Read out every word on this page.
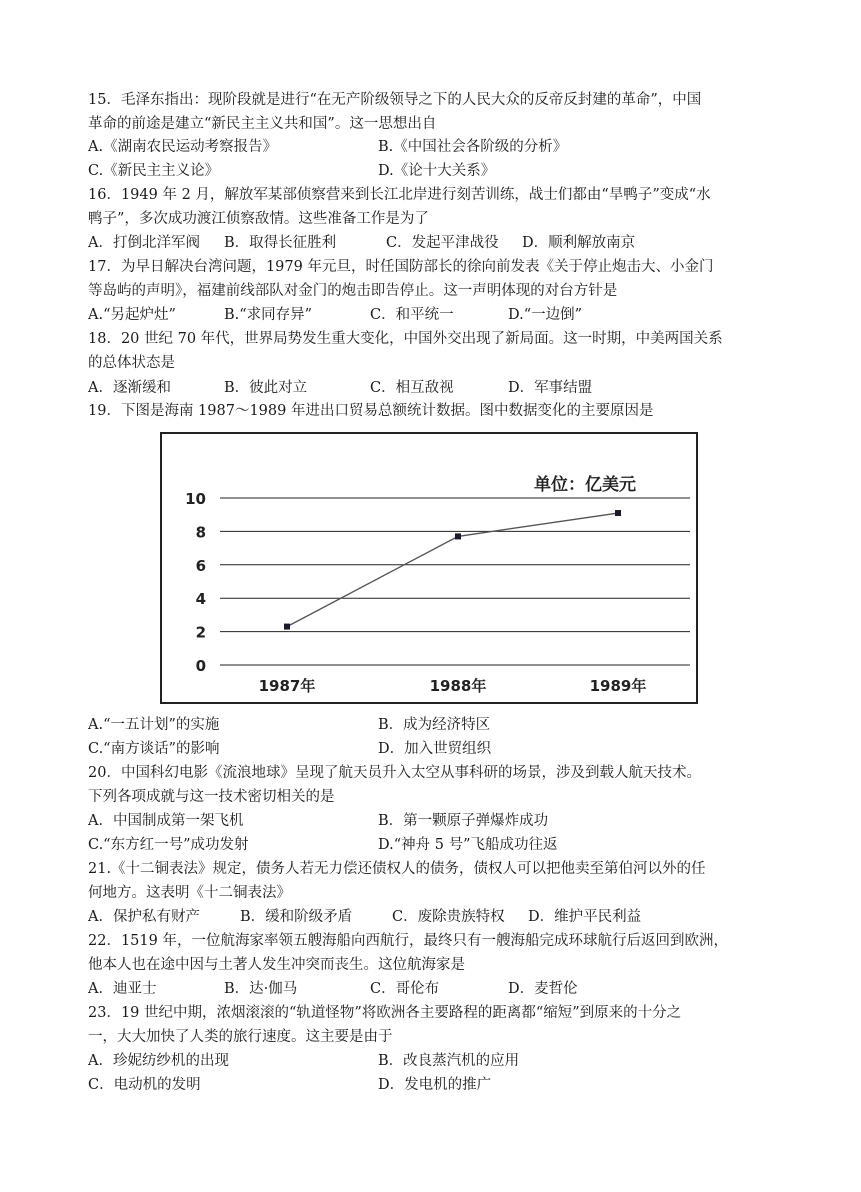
15．毛泽东指出：现阶段就是进行“在无产阶级领导之下的人民大众的反帝反封建的革命”，中国
革命的前途是建立“新民主主义共和国”。这一思想出自
A.《湖南农民运动考察报告》	B.《中国社会各阶级的分析》
C.《新民主主义论》	D.《论十大关系》
16．1949 年 2 月，解放军某部侦察营来到长江北岸进行刻苦训练，战士们都由“旱鸭子”变成“水
鸭子”，多次成功渡江侦察敌情。这些准备工作是为了
A．打倒北洋军阀 B．取得长征胜利	C．发起平津战役 D．顺利解放南京
17．为早日解决台湾问题，1979 年元旦，时任国防部长的徐向前发表《关于停止炮击大、小金门
等岛屿的声明》，福建前线部队对金门的炮击即告停止。这一声明体现的对台方针是
A.“另起炉灶”	B.“求同存异”	C．和平统一	D.“一边倒”
18．20 世纪 70 年代，世界局势发生重大变化，中国外交出现了新局面。这一时期，中美两国关系
的总体状态是
A．逐渐缓和	B．彼此对立	C．相互敌视	D．军事结盟
19．下图是海南 1987～1989 年进出口贸易总额统计数据。图中数据变化的主要原因是
单位：亿美元
0
2
4
6
8
10
1987年	1988年	1989年
A.“一五计划”的实施	B．成为经济特区
C.“南方谈话”的影响	D．加入世贸组织
20．中国科幻电影《流浪地球》呈现了航天员升入太空从事科研的场景，涉及到载人航天技术。
下列各项成就与这一技术密切相关的是
A．中国制成第一架飞机	B．第一颗原子弹爆炸成功
C.“东方红一号”成功发射	D.“神舟 5 号”飞船成功往返
21.《十二铜表法》规定，债务人若无力偿还债权人的债务，债权人可以把他卖至第伯河以外的任
何地方。这表明《十二铜表法》
A．保护私有财产	B．缓和阶级矛盾	C．废除贵族特权 D．维护平民利益
22．1519 年，一位航海家率领五艘海船向西航行，最终只有一艘海船完成环球航行后返回到欧洲，
他本人也在途中因与土著人发生冲突而丧生。这位航海家是
A．迪亚士	B．达·伽马	C．哥伦布	D．麦哲伦
23．19 世纪中期，浓烟滚滚的“轨道怪物”将欧洲各主要路程的距离都“缩短”到原来的十分之
一，大大加快了人类的旅行速度。这主要是由于
A．珍妮纺纱机的出现	B．改良蒸汽机的应用
C．电动机的发明	D．发电机的推广
